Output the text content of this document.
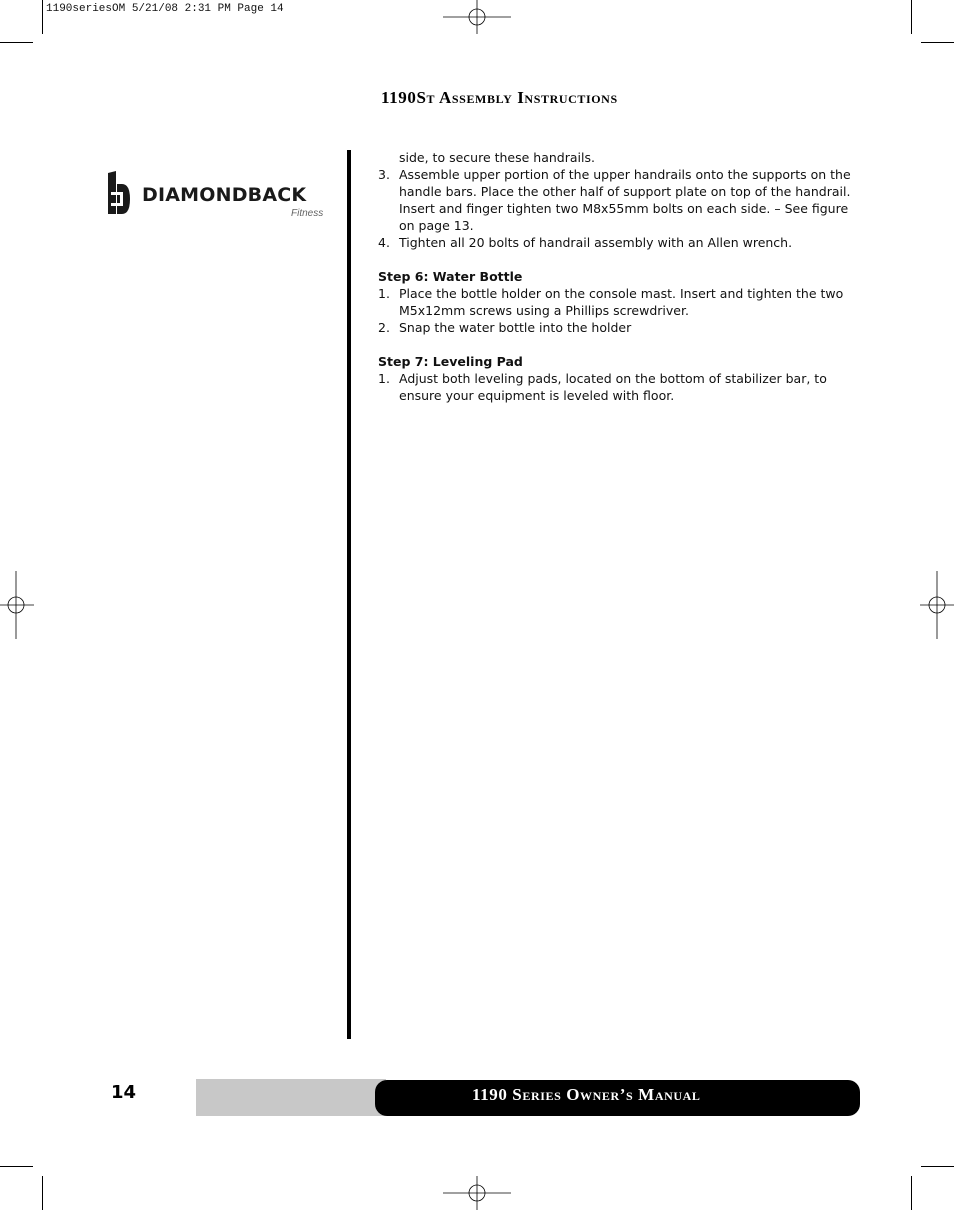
1190seriesOM 5/21/08 2:31 PM Page 14
1190St Assembly Instructions
DIAMONDBACK
Fitness
side, to secure these handrails.
3. Assemble upper portion of the upper handrails onto the supports on the handle bars. Place the other half of support plate on top of the handrail. Insert and finger tighten two M8x55mm bolts on each side. – See figure on page 13.
4. Tighten all 20 bolts of handrail assembly with an Allen wrench.
Step 6: Water Bottle
1. Place the bottle holder on the console mast. Insert and tighten the two M5x12mm screws using a Phillips screwdriver.
2. Snap the water bottle into the holder
Step 7: Leveling Pad
1. Adjust both leveling pads, located on the bottom of stabilizer bar, to ensure your equipment is leveled with floor.
14	1190 Series Owner’s Manual
